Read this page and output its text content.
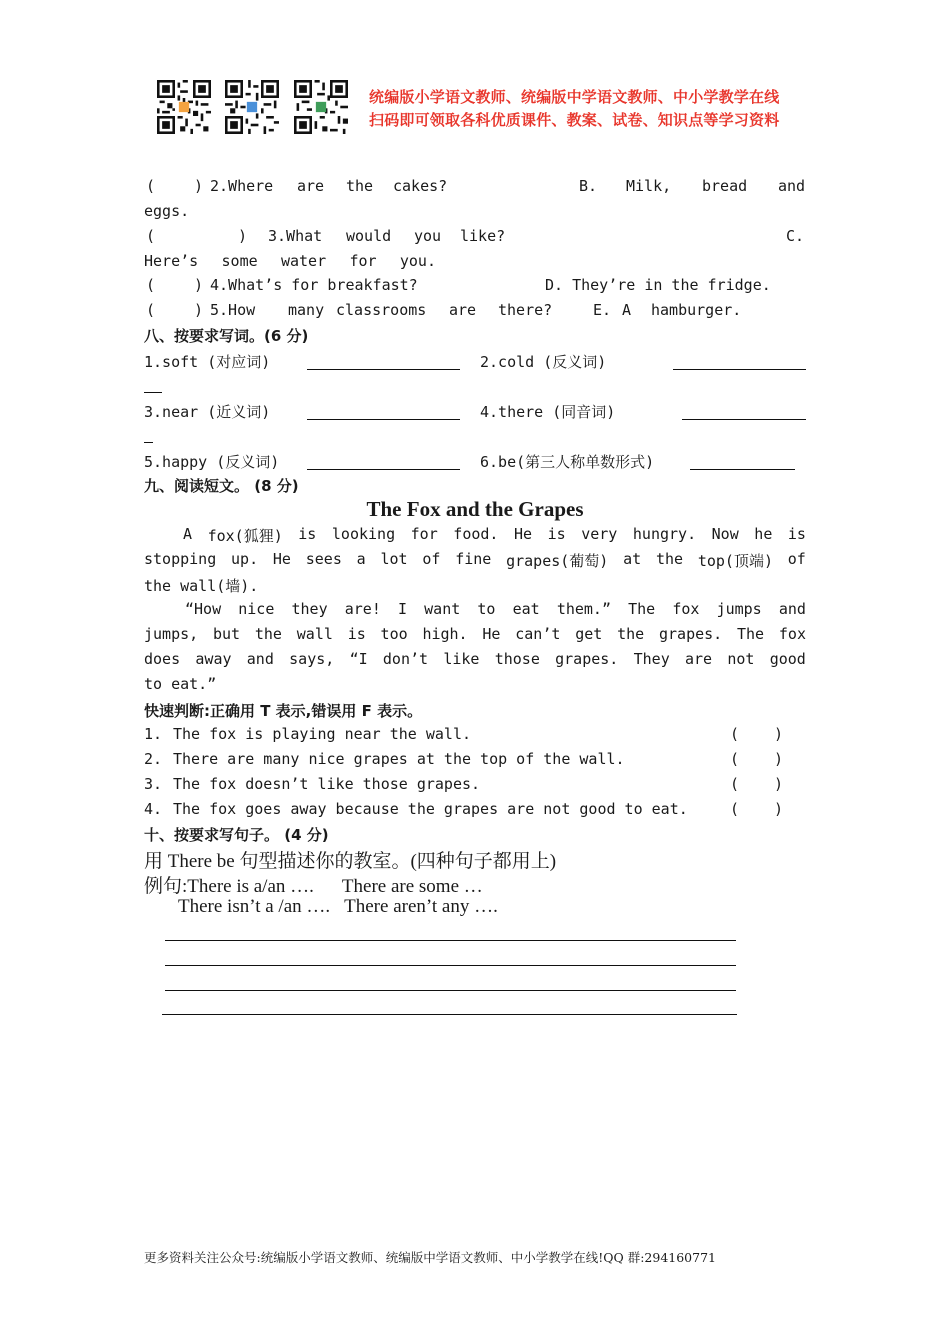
统编版小学语文教师、统编版中学语文教师、中小学教学在线
扫码即可领取各科优质课件、教案、试卷、知识点等学习资料
(	) 2.Where are the cakes?	B. Milk, bread and
eggs.
(	) 3.What would you like?	C.
Here’s some water for you.
(	) 4.What’s for breakfast?	D. They’re in the fridge.
(	) 5.How many classrooms are there?	E. A hamburger.
八、按要求写词。(6 分)
1.soft (对应词)	2.cold (反义词)
3.near (近义词)	4.there (同音词)
5.happy (反义词)	6.be(第三人称单数形式)
九、阅读短文。 (8 分)
The Fox and the Grapes
A fox(狐狸) is looking for food. He is very hungry. Now he is
stopping up. He sees a lot of fine grapes(葡萄) at the top(顶端) of
the wall(墙).
“How nice they are! I want to eat them.” The fox jumps and
jumps, but the wall is too high. He can’t get the grapes. The fox
does away and says, “I don’t like those grapes. They are not good
to eat.”
快速判断:正确用 T 表示,错误用 F 表示。
1. The fox is playing near the wall.	( )
2. There are many nice grapes at the top of the wall.	( )
3. The fox doesn’t like those grapes.	( )
4. The fox goes away because the grapes are not good to eat.	( )
十、按要求写句子。 (4 分)
用 There be 句型描述你的教室。(四种句子都用上)
例句:There is a/an …. There are some …
There isn’t a /an …. There aren’t any ….
更多资料关注公众号:统编版小学语文教师、统编版中学语文教师、中小学教学在线!QQ 群:294160771
